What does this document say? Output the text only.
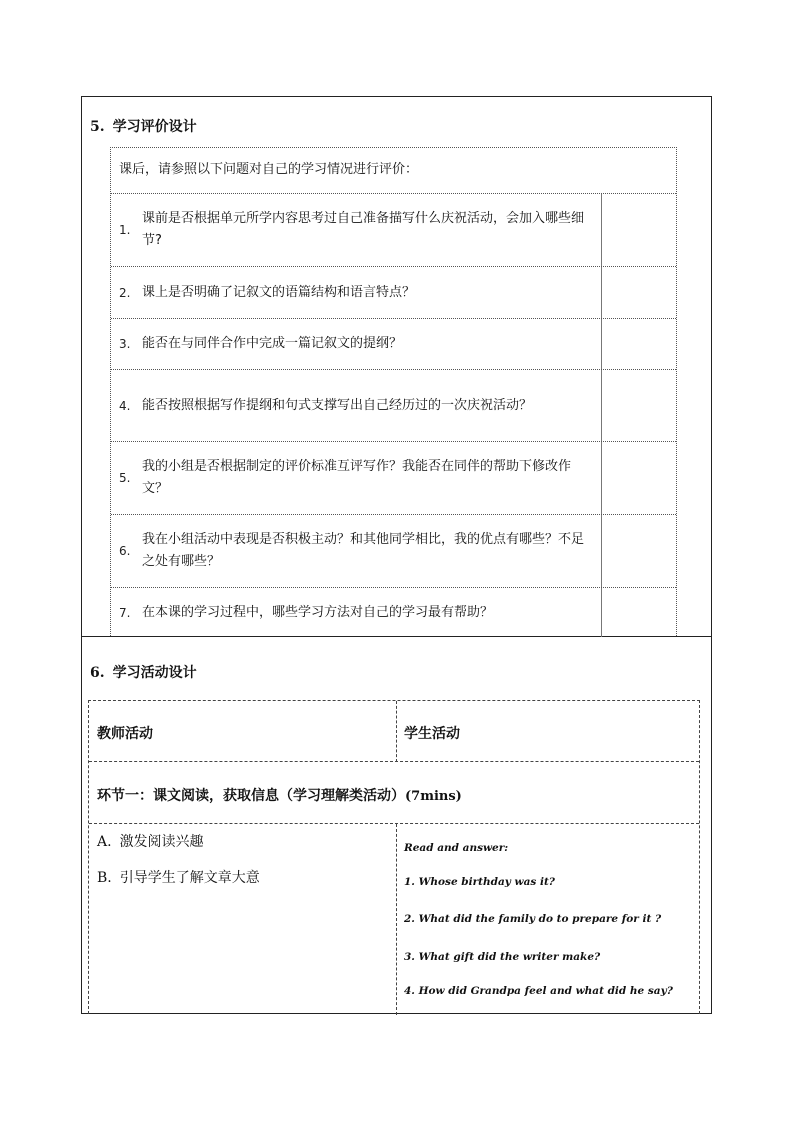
5. 学习评价设计
课后，请参照以下问题对自己的学习情况进行评价：
1.
课前是否根据单元所学内容思考过自己准备描写什么庆祝活动，会加入哪些细节?
2. 课上是否明确了记叙文的语篇结构和语言特点？
3. 能否在与同伴合作中完成一篇记叙文的提纲？
4. 能否按照根据写作提纲和句式支撑写出自己经历过的一次庆祝活动？
5.
我的小组是否根据制定的评价标准互评写作？我能否在同伴的帮助下修改作文？
6.
我在小组活动中表现是否积极主动？和其他同学相比，我的优点有哪些？不足之处有哪些？
7. 在本课的学习过程中，哪些学习方法对自己的学习最有帮助？
6. 学习活动设计
教师活动	学生活动
环节一：课文阅读，获取信息（学习理解类活动）(7mins)
A. 激发阅读兴趣
B. 引导学生了解文章大意
Read and answer:
1. Whose birthday was it?
2. What did the family do to prepare for it ?
3. What gift did the writer make?
4. How did Grandpa feel and what did he say?
